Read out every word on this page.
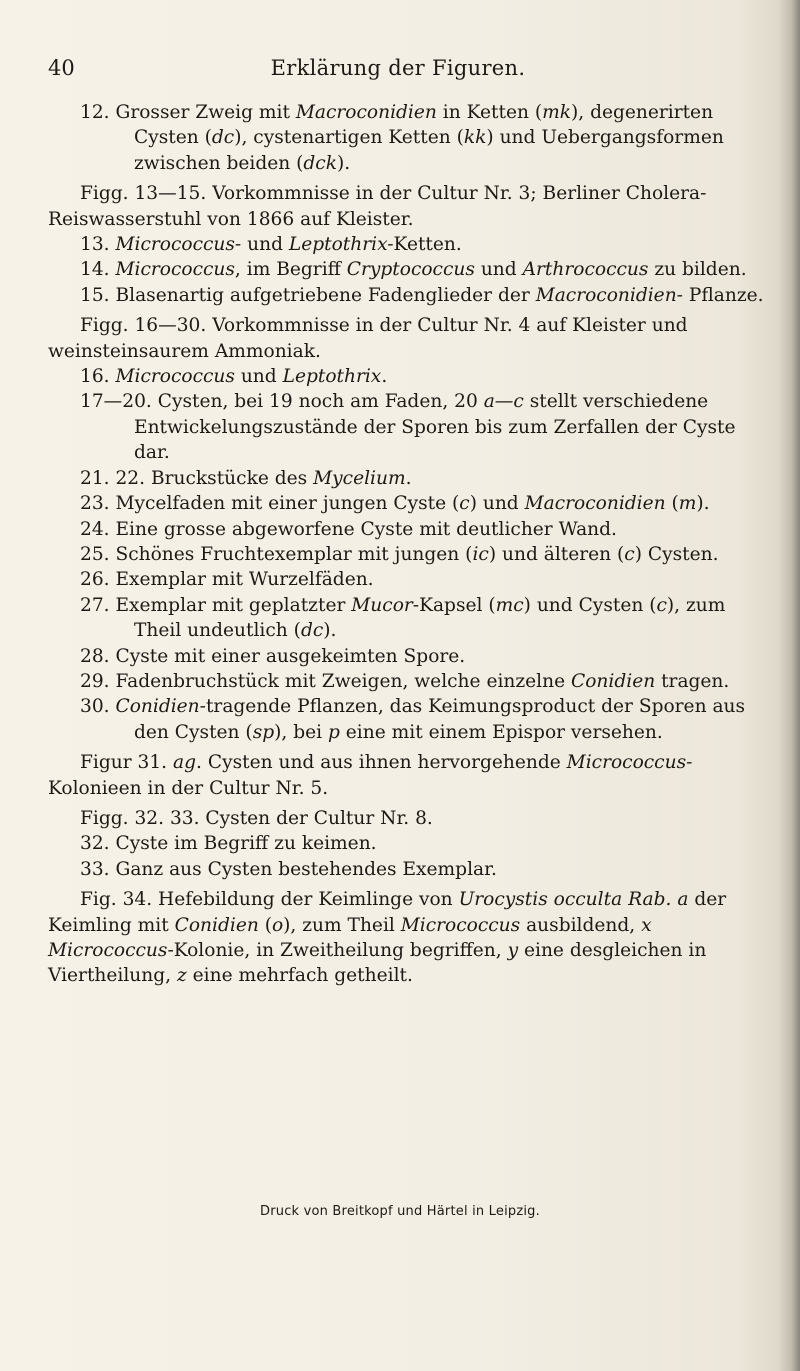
40	Erklärung der Figuren.

12. Grosser Zweig mit Macroconidien in Ketten (mk), degenerirten Cysten (dc), cystenartigen Ketten (kk) und Uebergangsformen zwischen beiden (dck).

Figg. 13—15. Vorkommnisse in der Cultur Nr. 3; Berliner Cholera-Reiswasserstuhl von 1866 auf Kleister.

13. Micrococcus- und Leptothrix-Ketten.

14. Micrococcus, im Begriff Cryptococcus und Arthrococcus zu bilden.

15. Blasenartig aufgetriebene Fadenglieder der Macroconidien- Pflanze.

Figg. 16—30. Vorkommnisse in der Cultur Nr. 4 auf Kleister und weinsteinsaurem Ammoniak.

16. Micrococcus und Leptothrix.

17—20. Cysten, bei 19 noch am Faden, 20 a—c stellt verschiedene Entwickelungszustände der Sporen bis zum Zerfallen der Cyste dar.

21. 22. Bruckstücke des Mycelium.

23. Mycelfaden mit einer jungen Cyste (c) und Macroconidien (m).

24. Eine grosse abgeworfene Cyste mit deutlicher Wand.

25. Schönes Fruchtexemplar mit jungen (ic) und älteren (c) Cysten.

26. Exemplar mit Wurzelfäden.

27. Exemplar mit geplatzter Mucor-Kapsel (mc) und Cysten (c), zum Theil undeutlich (dc).

28. Cyste mit einer ausgekeimten Spore.

29. Fadenbruchstück mit Zweigen, welche einzelne Conidien tragen.

30. Conidien-tragende Pflanzen, das Keimungsproduct der Sporen aus den Cysten (sp), bei p eine mit einem Epispor versehen.

Figur 31. ag. Cysten und aus ihnen hervorgehende Micrococcus- Kolonieen in der Cultur Nr. 5.

Figg. 32. 33. Cysten der Cultur Nr. 8.

32. Cyste im Begriff zu keimen.

33. Ganz aus Cysten bestehendes Exemplar.

Fig. 34. Hefebildung der Keimlinge von Urocystis occulta Rab. a der Keimling mit Conidien (o), zum Theil Micrococcus ausbildend, x Micrococcus-Kolonie, in Zweitheilung begriffen, y eine desgleichen in Viertheilung, z eine mehrfach getheilt.

Druck von Breitkopf und Härtel in Leipzig.
